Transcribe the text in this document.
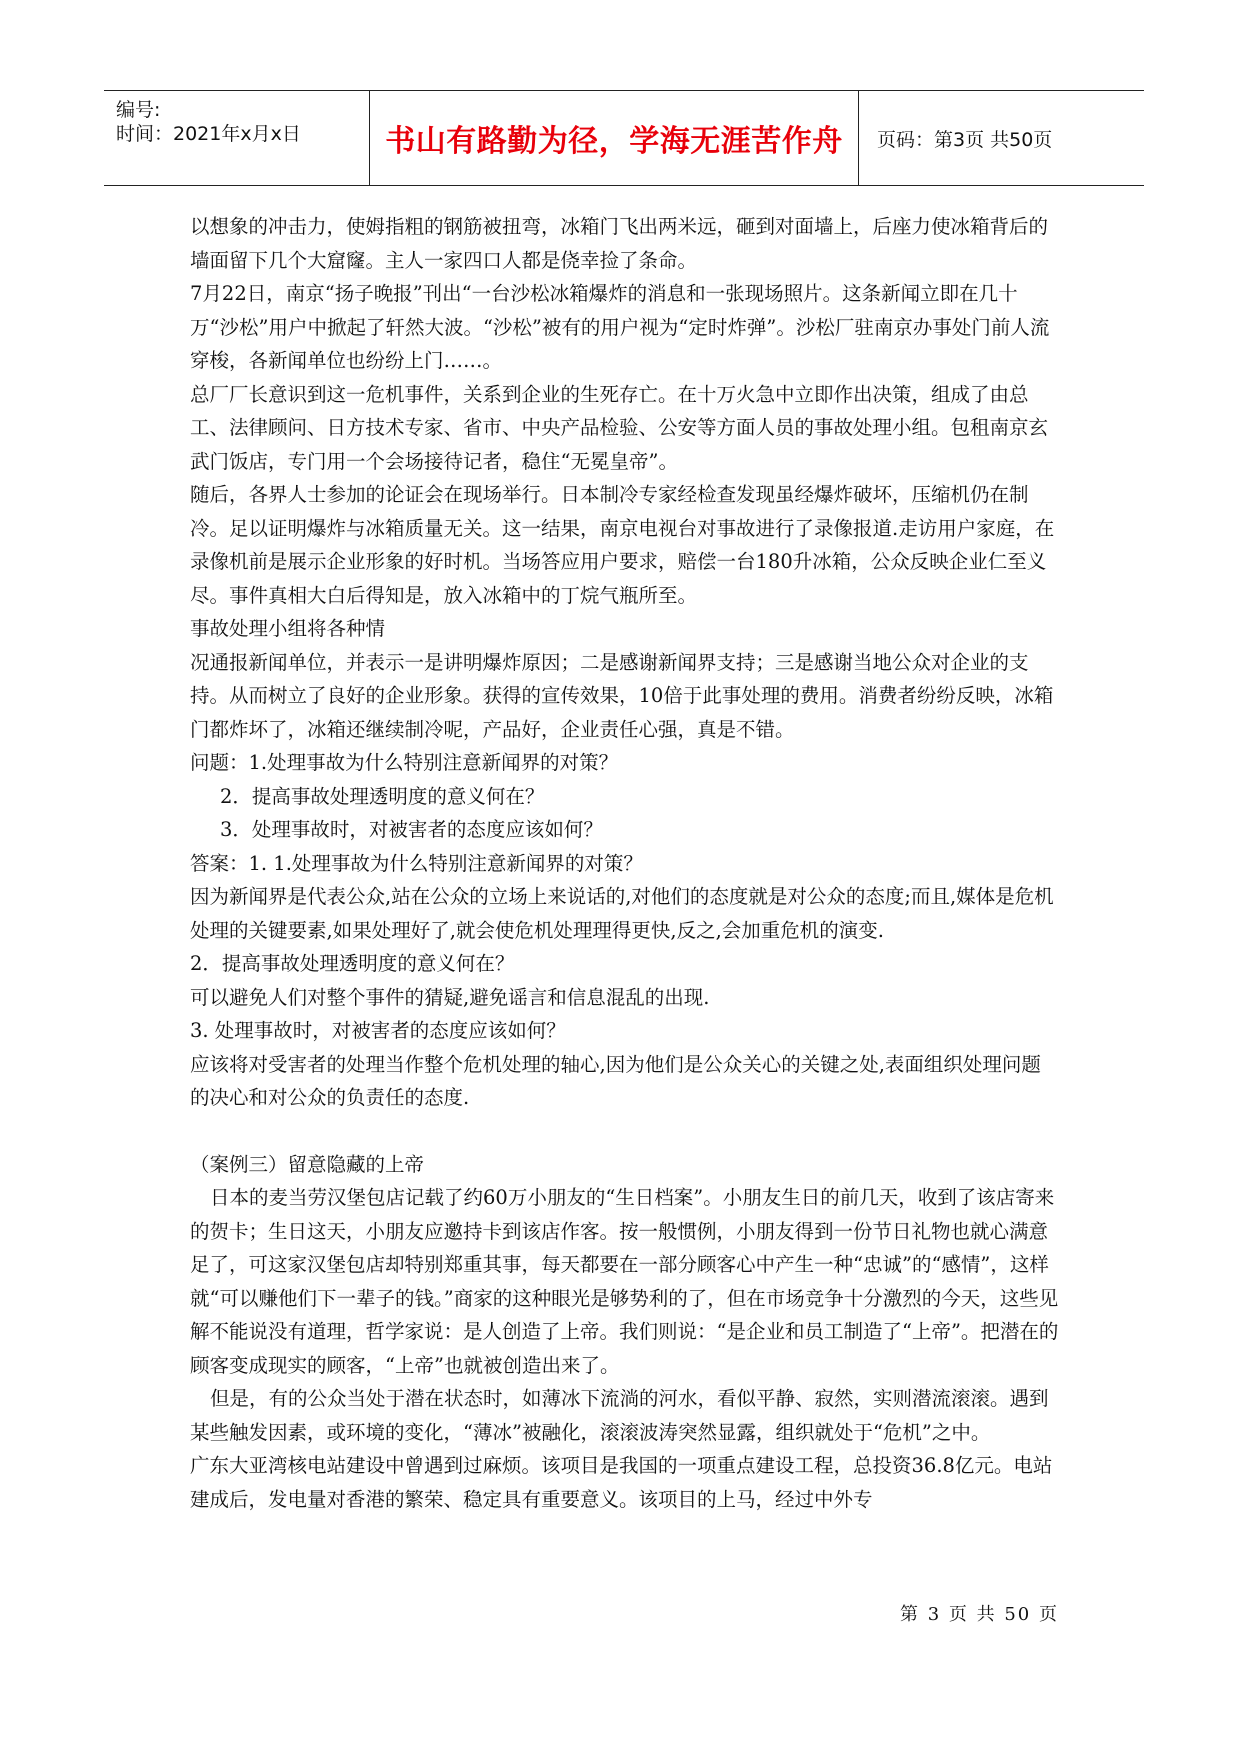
编号:
时间：2021年x月x日	书山有路勤为径，学海无涯苦作舟 页码：第3页 共50页

以想象的冲击力，使姆指粗的钢筋被扭弯，冰箱门飞出两米远，砸到对面墙上，后座力使冰箱背后的墙面留下几个大窟窿。主人一家四口人都是侥幸捡了条命。

7月22日，南京“扬子晚报”刊出“一台沙松冰箱爆炸的消息和一张现场照片。这条新闻立即在几十万“沙松”用户中掀起了轩然大波。“沙松”被有的用户视为“定时炸弹”。沙松厂驻南京办事处门前人流穿梭，各新闻单位也纷纷上门……。

总厂厂长意识到这一危机事件，关系到企业的生死存亡。在十万火急中立即作出决策，组成了由总工、法律顾问、日方技术专家、省市、中央产品检验、公安等方面人员的事故处理小组。包租南京玄武门饭店，专门用一个会场接待记者，稳住“无冕皇帝”。

随后，各界人士参加的论证会在现场举行。日本制冷专家经检查发现虽经爆炸破坏，压缩机仍在制冷。足以证明爆炸与冰箱质量无关。这一结果，南京电视台对事故进行了录像报道.走访用户家庭，在录像机前是展示企业形象的好时机。当场答应用户要求，赔偿一台180升冰箱，公众反映企业仁至义尽。事件真相大白后得知是，放入冰箱中的丁烷气瓶所至。

事故处理小组将各种情

况通报新闻单位，并表示一是讲明爆炸原因；二是感谢新闻界支持；三是感谢当地公众对企业的支持。从而树立了良好的企业形象。获得的宣传效果，10倍于此事处理的费用。消费者纷纷反映，冰箱门都炸坏了，冰箱还继续制冷呢，产品好，企业责任心强，真是不错。

问题：1.处理事故为什么特别注意新闻界的对策？

2．提高事故处理透明度的意义何在？

3．处理事故时，对被害者的态度应该如何？

答案：1. 1.处理事故为什么特别注意新闻界的对策？

因为新闻界是代表公众,站在公众的立场上来说话的,对他们的态度就是对公众的态度;而且,媒体是危机处理的关键要素,如果处理好了,就会使危机处理理得更快,反之,会加重危机的演变.

2．提高事故处理透明度的意义何在？

可以避免人们对整个事件的猜疑,避免谣言和信息混乱的出现.

3. 处理事故时，对被害者的态度应该如何？

应该将对受害者的处理当作整个危机处理的轴心,因为他们是公众关心的关键之处,表面组织处理问题的决心和对公众的负责任的态度.

（案例三）留意隐藏的上帝

日本的麦当劳汉堡包店记载了约60万小朋友的“生日档案”。小朋友生日的前几天，收到了该店寄来的贺卡；生日这天，小朋友应邀持卡到该店作客。按一般惯例，小朋友得到一份节日礼物也就心满意足了，可这家汉堡包店却特别郑重其事，每天都要在一部分顾客心中产生一种“忠诚”的“感情”，这样就“可以赚他们下一辈子的钱。”商家的这种眼光是够势利的了，但在市场竞争十分激烈的今天，这些见解不能说没有道理，哲学家说：是人创造了上帝。我们则说：“是企业和员工制造了“上帝”。把潜在的顾客变成现实的顾客，“上帝”也就被创造出来了。

但是，有的公众当处于潜在状态时，如薄冰下流淌的河水，看似平静、寂然，实则潜流滚滚。遇到某些触发因素，或环境的变化，“薄冰”被融化，滚滚波涛突然显露，组织就处于“危机”之中。

广东大亚湾核电站建设中曾遇到过麻烦。该项目是我国的一项重点建设工程，总投资36.8亿元。电站建成后，发电量对香港的繁荣、稳定具有重要意义。该项目的上马，经过中外专

第 3 页 共 50 页
